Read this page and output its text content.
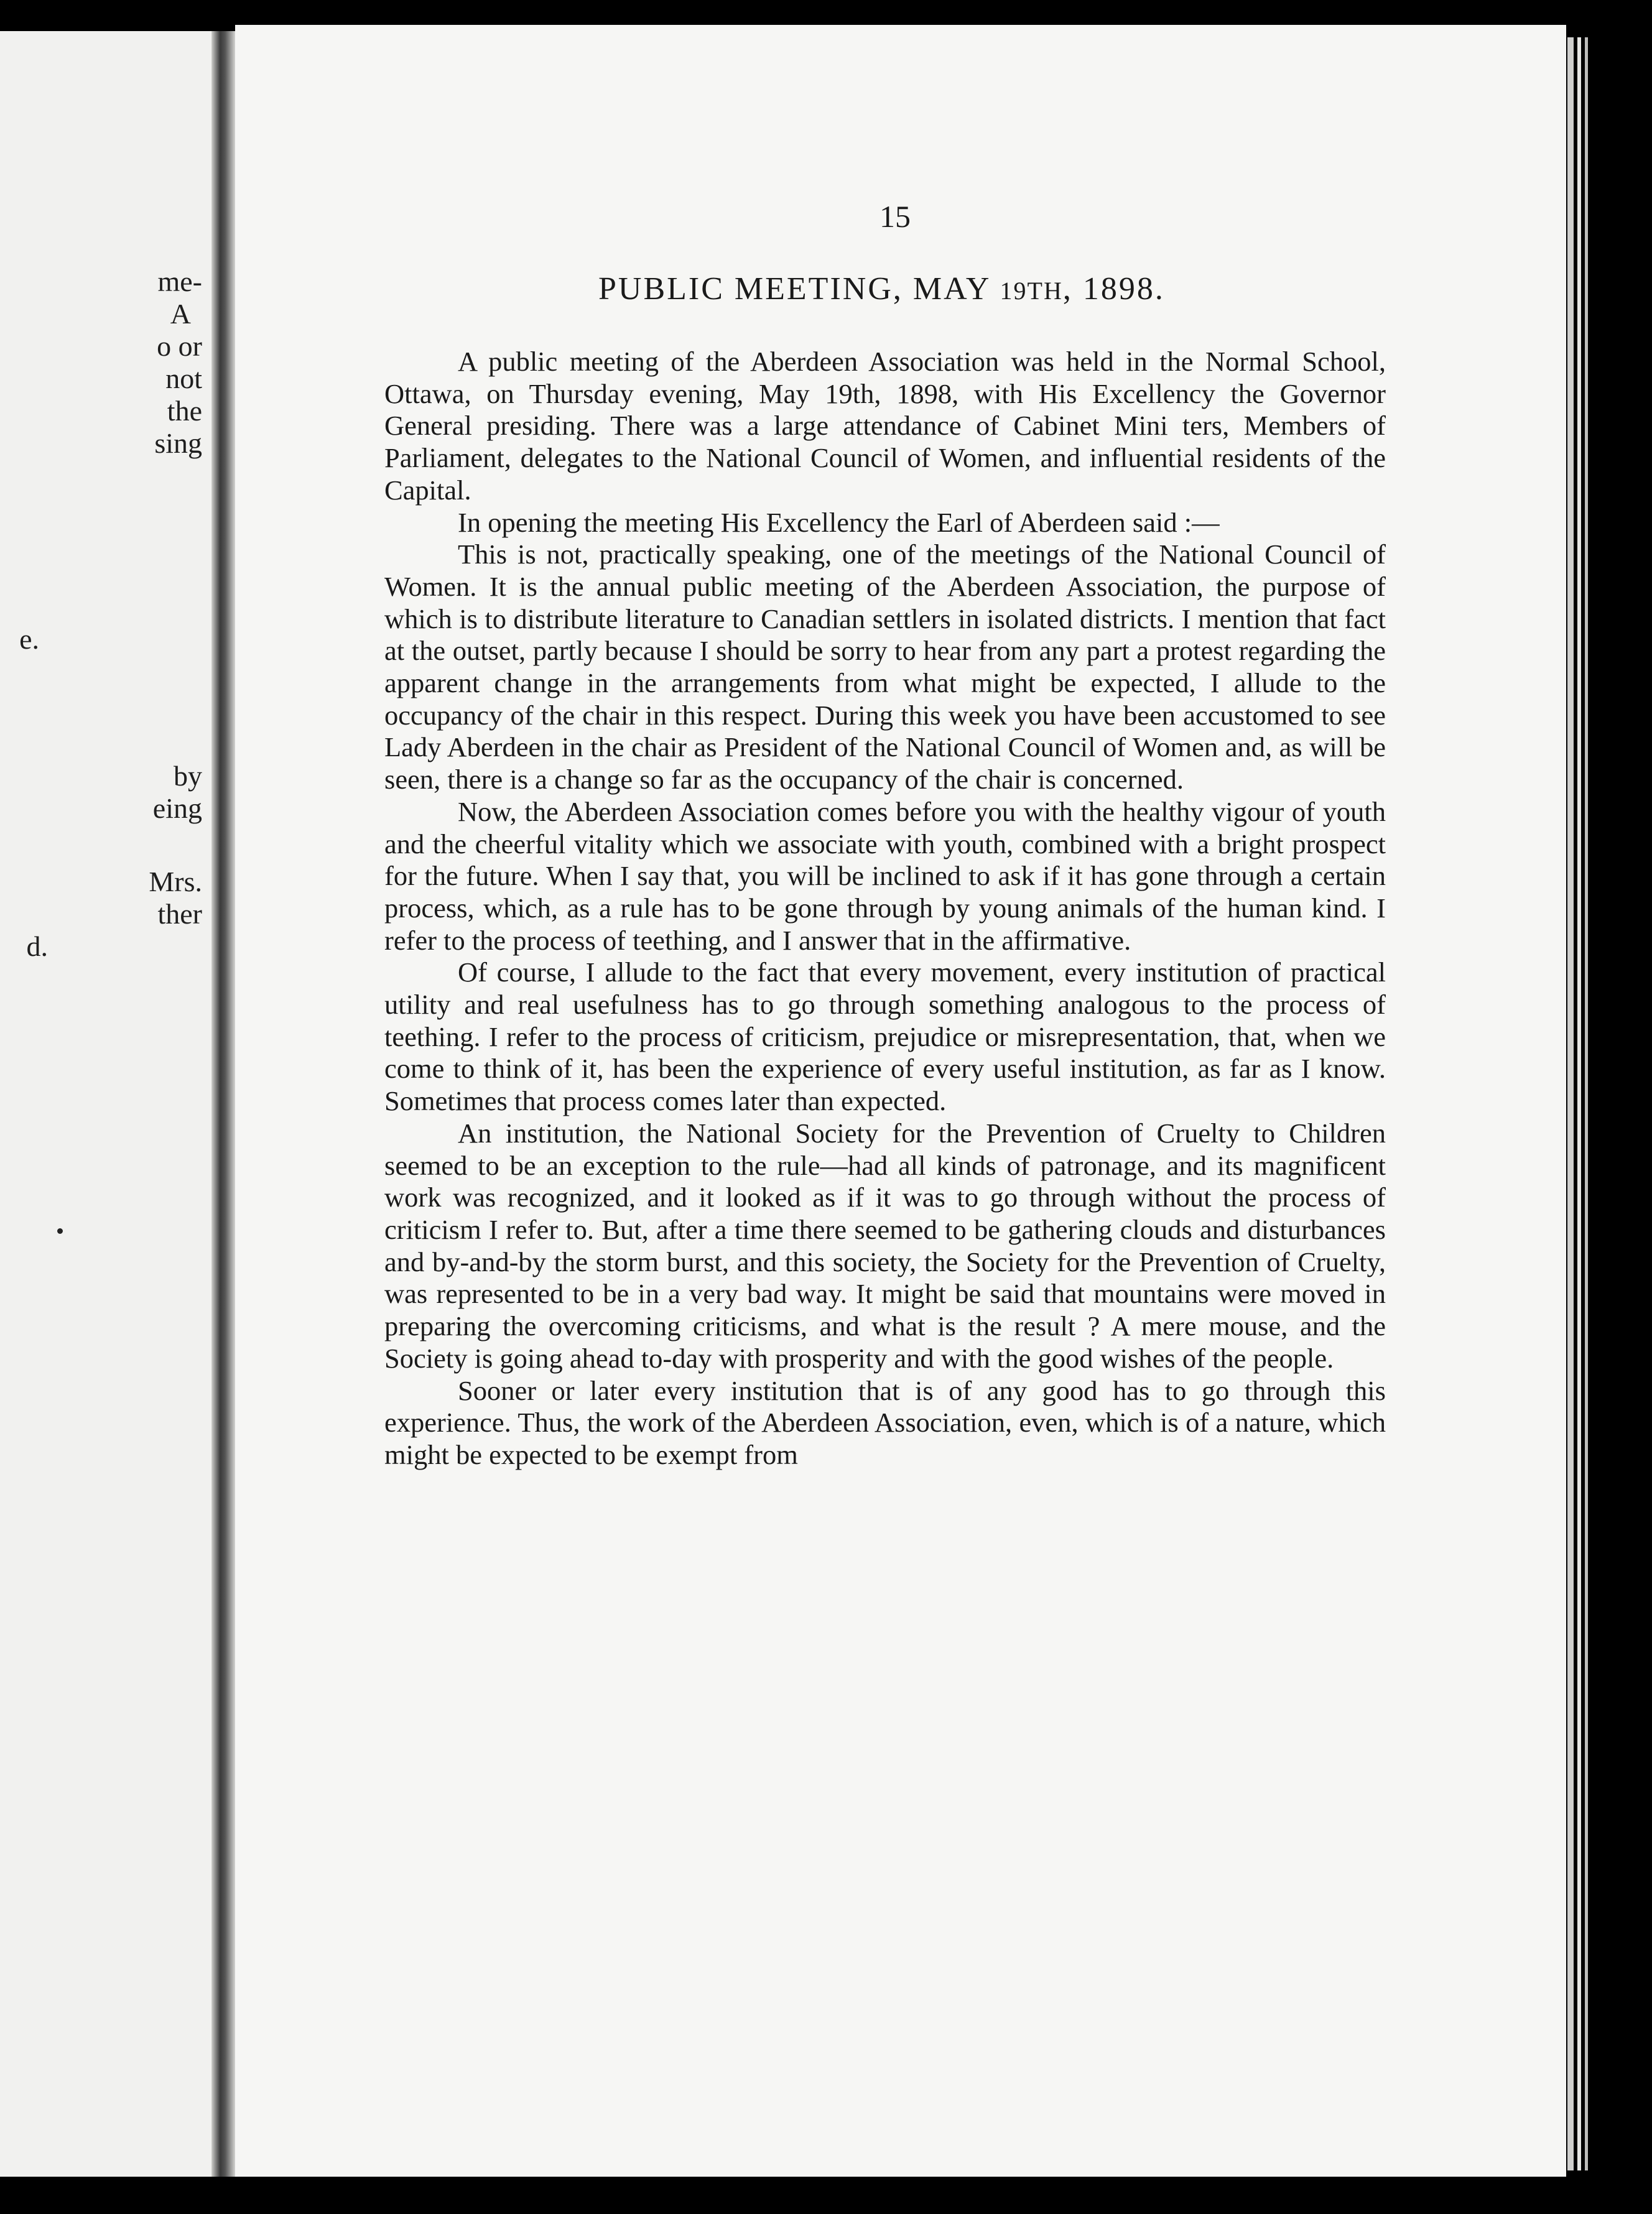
me-
A
o or
not
the
sing
e.
by
eing
Mrs.
ther
d.
15
PUBLIC MEETING, MAY 19TH, 1898.

A public meeting of the Aberdeen Association was held in the Normal School, Ottawa, on Thursday evening, May 19th, 1898, with His Excellency the Governor General presiding. There was a large attendance of Cabinet Mini ters, Members of Parliament, delegates to the National Council of Women, and influential residents of the Capital.

In opening the meeting His Excellency the Earl of Aberdeen said :—

This is not, practically speaking, one of the meetings of the National Council of Women. It is the annual public meeting of the Aberdeen Association, the purpose of which is to distribute literature to Canadian settlers in isolated districts. I mention that fact at the outset, partly because I should be sorry to hear from any part a protest regarding the apparent change in the arrangements from what might be expected, I allude to the occupancy of the chair in this respect. During this week you have been accustomed to see Lady Aberdeen in the chair as President of the National Council of Women and, as will be seen, there is a change so far as the occupancy of the chair is concerned.

Now, the Aberdeen Association comes before you with the healthy vigour of youth and the cheerful vitality which we associate with youth, combined with a bright prospect for the future. When I say that, you will be inclined to ask if it has gone through a certain process, which, as a rule has to be gone through by young animals of the human kind. I refer to the process of teething, and I answer that in the affirmative.

Of course, I allude to the fact that every movement, every institution of practical utility and real usefulness has to go through something analogous to the process of teething. I refer to the process of criticism, prejudice or misrepresentation, that, when we come to think of it, has been the experience of every useful institution, as far as I know. Sometimes that process comes later than expected.

An institution, the National Society for the Prevention of Cruelty to Children seemed to be an exception to the rule—had all kinds of patronage, and its magnificent work was recognized, and it looked as if it was to go through without the process of criticism I refer to. But, after a time there seemed to be gathering clouds and disturbances and by-and-by the storm burst, and this society, the Society for the Prevention of Cruelty, was represented to be in a very bad way. It might be said that mountains were moved in preparing the overcoming criticisms, and what is the result ? A mere mouse, and the Society is going ahead to-day with prosperity and with the good wishes of the people.

Sooner or later every institution that is of any good has to go through this experience. Thus, the work of the Aberdeen Association, even, which is of a nature, which might be expected to be exempt from
